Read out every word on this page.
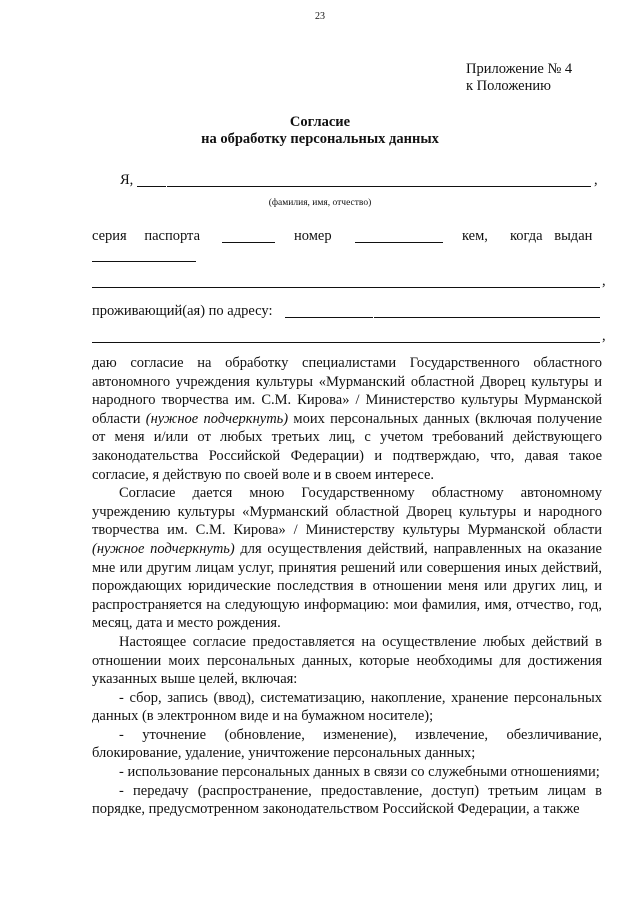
23
Приложение № 4
к Положению
Согласие
на обработку персональных данных
Я,	,
(фамилия, имя, отчество)
серия паспорта	номер	кем, когда выдан
,
проживающий(ая) по адресу:
,

даю согласие на обработку специалистами Государственного областного автономного учреждения культуры «Мурманский областной Дворец культуры и народного творчества им. С.М. Кирова» / Министерство культуры Мурманской области (нужное подчеркнуть) моих персональных данных (включая получение от меня и/или от любых третьих лиц, с учетом требований действующего законодательства Российской Федерации) и подтверждаю, что, давая такое согласие, я действую по своей воле и в своем интересе.

Согласие дается мною Государственному областному автономному учреждению культуры «Мурманский областной Дворец культуры и народного творчества им. С.М. Кирова» / Министерству культуры Мурманской области (нужное подчеркнуть) для осуществления действий, направленных на оказание мне или другим лицам услуг, принятия решений или совершения иных действий, порождающих юридические последствия в отношении меня или других лиц, и распространяется на следующую информацию: мои фамилия, имя, отчество, год, месяц, дата и место рождения.

Настоящее согласие предоставляется на осуществление любых действий в отношении моих персональных данных, которые необходимы для достижения указанных выше целей, включая:

- сбор, запись (ввод), систематизацию, накопление, хранение персональных данных (в электронном виде и на бумажном носителе);

- уточнение (обновление, изменение), извлечение, обезличивание, блокирование, удаление, уничтожение персональных данных;

- использование персональных данных в связи со служебными отношениями;

- передачу (распространение, предоставление, доступ) третьим лицам в порядке, предусмотренном законодательством Российской Федерации, а также
